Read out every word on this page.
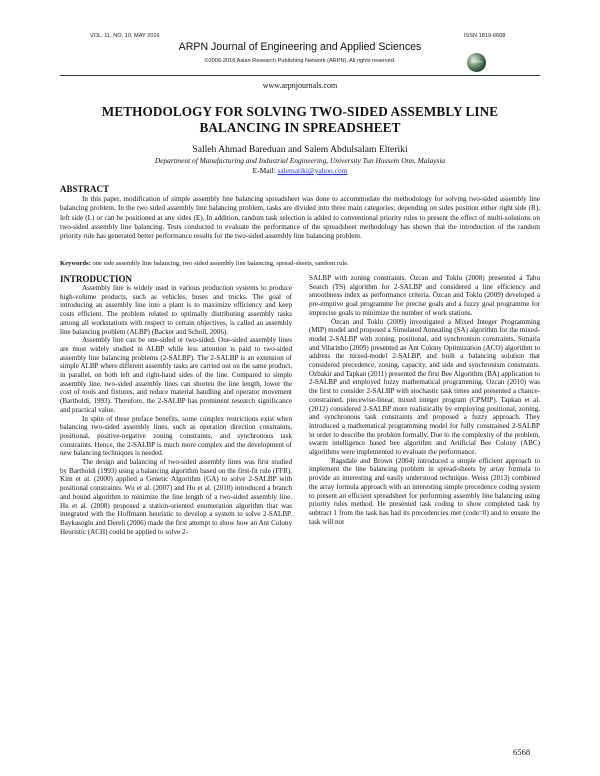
VOL. 11, NO. 10, MAY 2016	ISSN 1819-6608
ARPN Journal of Engineering and Applied Sciences
©2006-2016 Asian Research Publishing Network (ARPN). All rights reserved.	ARPN
www.arpnjournals.com
METHODOLOGY FOR SOLVING TWO-SIDED ASSEMBLY LINE
BALANCING IN SPREADSHEET
Salleh Ahmad Bareduan and Salem Abdulsalam Elteriki
Department of Manufacturing and Industrial Engineering, University Tun Hussein Onn, Malaysia
E-Mail: salematiki@yahoo.com
ABSTRACT

In this paper, modification of simple assembly line balancing spreadsheet was done to accommodate the methodology for solving two-sided assembly line balancing problem. In the two sided assembly line balancing problem, tasks are divided into three main categories; depending on sides position either right side (R), left side (L) or can be positioned at any sides (E). In addition, random task selection is added to conventional priority rules to present the effect of multi-solutions on two-sided assembly line balancing. Tests conducted to evaluate the performance of the spreadsheet methodology has shown that the introduction of the random priority rule has generated better performance results for the two-sided assembly line balancing problem.

Keywords: one side assembly line balancing, two sided assembly line balancing, spread-sheets, random rule.
INTRODUCTION

Assembly line is widely used in various production systems to produce high-volume products, such as vehicles, buses and trucks. The goal of introducing an assembly line into a plant is to maximize efficiency and keep costs efficient. The problem related to optimally distributing assembly tasks among all workstations with respect to certain objectives, is called an assembly line balancing problem (ALBP) (Backer and Scholl, 2006).

Assembly line can be one-sided or two-sided. One-sided assembly lines are most widely studied in ALBP while less attention is paid to two-sided assembly line balancing problems (2-SALBP). The 2-SALBP is an extension of simple ALBP where different assembly tasks are carried out on the same product, in parallel, on both left and right-hand sides of the line. Compared to simple assembly line, two-sided assembly lines can shorten the line length, lower the cost of tools and fixtures, and reduce material handling and operator movement (Bartholdi, 1993). Therefore, the 2-SALBP has prominent research significance and practical value.

In spite of these preface benefits, some complex restrictions exist when balancing two-sided assembly lines, such as operation direction constraints, positional, positive-negative zoning constraints, and synchronous task constraints. Hence, the 2-SALBP is much more complex and the development of new balancing techniques is needed.

The design and balancing of two-sided assembly lines was first studied by Bartholdi (1993) using a balancing algorithm based on the first-fit rule (FFR). Kim et al. (2000) applied a Genetic Algorithm (GA) to solve 2-SALBP with positional constraints. Wu et al. (2007) and Hu et al. (2010) introduced a branch and bound algorithm to minimize the line length of a two-sided assembly line. Hu et al. (2008) proposed a station-oriented enumeration algorithm that was integrated with the Hoffmann heuristic to develop a system to solve 2-SALBP. Baykasoglu and Dereli (2006) made the first attempt to show how an Ant Colony Heuristic (ACH) could be applied to solve 2-

SALBP with zoning constraints. Özcan and Toklu (2008) presented a Tabu Search (TS) algorithm for 2-SALBP and considered a line efficiency and smoothness index as performance criteria. Özcan and Toklu (2009) developed a pre-emptive goal programme for precise goals and a fuzzy goal programme for imprecise goals to minimize the number of work stations.

Özcan and Toklu (2009) investigated a Mixed Integer Programming (MIP) model and proposed a Simulated Annealing (SA) algorithm for the mixed-model 2-SALBP with zoning, positional, and synchronism constraints. Simaria and Vilarinho (2009) presented an Ant Colony Optimization (ACO) algorithm to address the mixed-model 2-SALBP, and built a balancing solution that considered precedence, zoning, capacity, and side and synchronism constraints. Ozbakir and Tapkan (2011) presented the first Bee Algorithm (BA) application to 2-SALBP and employed fuzzy mathematical programming. Ozcan (2010) was the first to consider 2-SALBP with stochastic task times and presented a chance-constrained, piecewise-linear, mixed integer program (CPMIP). Tapkan et al. (2012) considered 2-SALBP more realistically by employing positional, zoning, and synchronous task constraints and proposed a fuzzy approach. They introduced a mathematical programming model for fully constrained 2-SALBP in order to describe the problem formally. Due to the complexity of the problem, swarm intelligence based bee algorithm and Artificial Bee Colony (ABC) algorithms were implemented to evaluate the performance.

Ragsdale and Brown (2004) introduced a simple efficient approach to implement the line balancing problem in spread-sheets by array formula to provide an interesting and easily understood technique. Weiss (2013) combined the array formula approach with an interesting simple precedence coding system to present an efficient spreadsheet for performing assembly line balancing using priority rules method. He presented task coding to show completed task by subtract 1 from the task has had its precedencies met (code=0) and to ensure the task will not

6568
